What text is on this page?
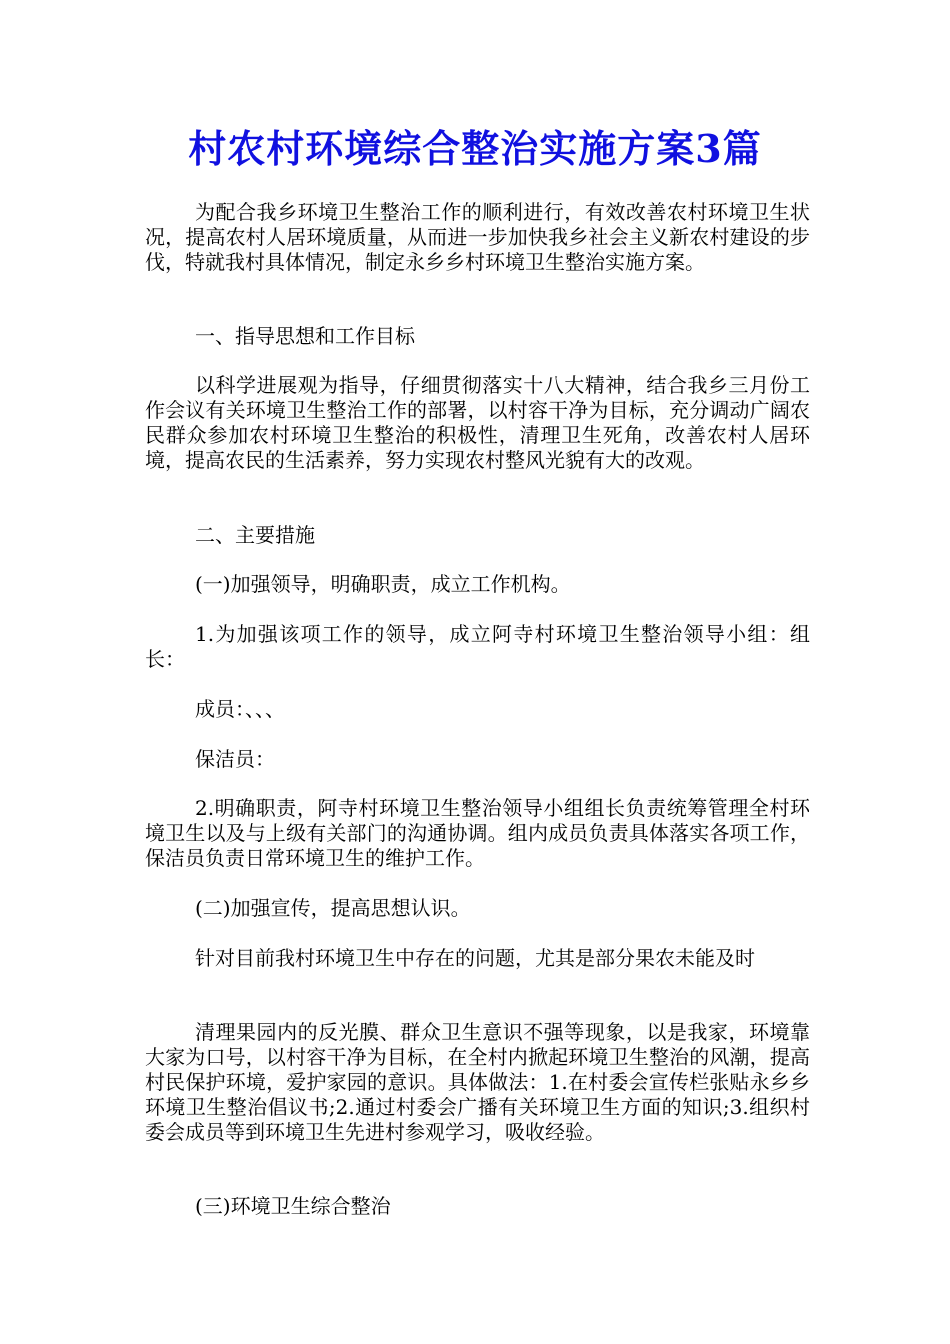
村农村环境综合整治实施方案3篇

为配合我乡环境卫生整治工作的顺利进行，有效改善农村环境卫生状况，提高农村人居环境质量，从而进一步加快我乡社会主义新农村建设的步伐，特就我村具体情况，制定永乡乡村环境卫生整治实施方案。

一、指导思想和工作目标

以科学进展观为指导，仔细贯彻落实十八大精神，结合我乡三月份工作会议有关环境卫生整治工作的部署，以村容干净为目标，充分调动广阔农民群众参加农村环境卫生整治的积极性，清理卫生死角，改善农村人居环境，提高农民的生活素养，努力实现农村整风光貌有大的改观。

二、主要措施

(一)加强领导，明确职责，成立工作机构。

1.为加强该项工作的领导，成立阿寺村环境卫生整治领导小组：组长：

成员：、、、

保洁员：

2.明确职责，阿寺村环境卫生整治领导小组组长负责统筹管理全村环境卫生以及与上级有关部门的沟通协调。组内成员负责具体落实各项工作，保洁员负责日常环境卫生的维护工作。

(二)加强宣传，提高思想认识。

针对目前我村环境卫生中存在的问题，尤其是部分果农未能及时

清理果园内的反光膜、群众卫生意识不强等现象，以是我家，环境靠大家为口号，以村容干净为目标，在全村内掀起环境卫生整治的风潮，提高村民保护环境，爱护家园的意识。具体做法：1.在村委会宣传栏张贴永乡乡环境卫生整治倡议书;2.通过村委会广播有关环境卫生方面的知识;3.组织村委会成员等到环境卫生先进村参观学习，吸收经验。

(三)环境卫生综合整治
